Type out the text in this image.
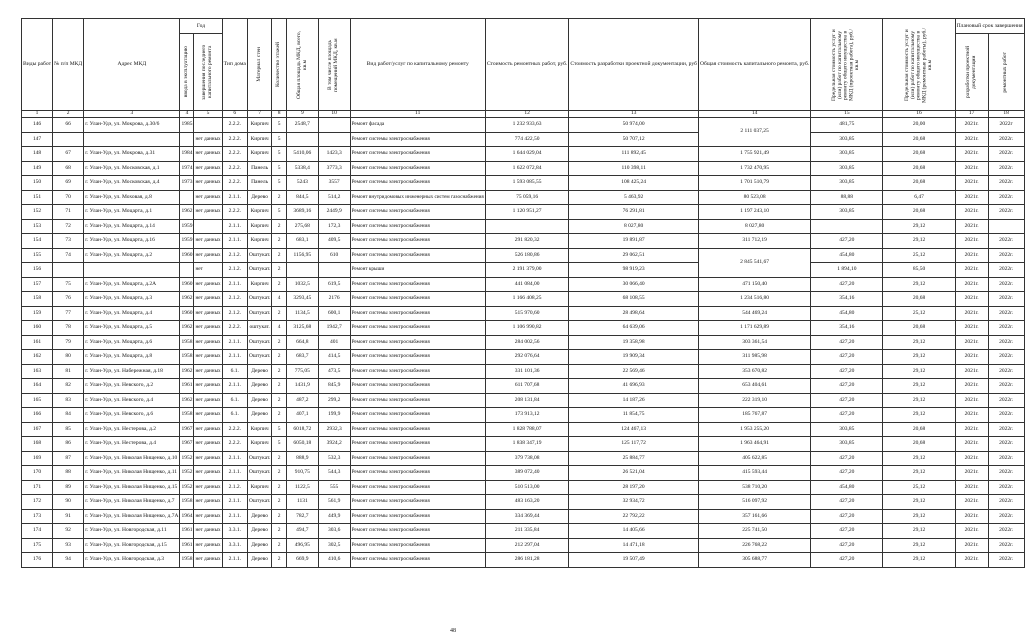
Виды работ	№ п/п МКД	Адрес МКД	Год		Тип дома	Материал стен	Количество этажей	Общая площадь МКД, всего, кв.м	В том числе площадь помещений МКД, кв.м	Вид работ/услуг по капитальному ремонту	Стоимость ремонтных работ, руб.	Стоимость разработки проектной документации, руб	Общая стоимость капитального ремонта, руб.	Предельная стоимость услуг и (или) работ по капитальному ремонту общего имущества в МКД (проектная работа), руб./кв.м	Предельная стоимость услуг и (или) работ по капитальному ремонту общего имущества в МКД (ремонтные работы), руб./кв.м	Плановый срок завершения	

			ввода в эксплуатацию	завершения последнего капитального ремонта												разработки проектной документации	ремонтных работ

1	2	3	4	5	6	7	8	9	10	11	12	13	14	15	16	17	18
146	66	г. Улан-Удэ, ул. Мокрова, д.30/6	1985		2.2.2.	Кирпич	5	2548,7		Ремонт фасада	1 232 933,63	50 974,00	2 111 037,25	481,75	20,00	2021г.	2022г
147				нет данных	2.2.2.	Кирпич	5			Ремонт системы электроснабжения	774 422,50	50 707,12		303,85	20,68	2021г.	2022г.
148	67	г. Улан-Удэ, ул. Мокрова, д.31	1984	нет данных	2.2.2.	Кирпич	5	5410,06	1423,3	Ремонт системы электроснабжения	1 644 029,04	111 892,45	1 755 921,49	303,85	20,68	2021г.	2022г.
149	68	г. Улан-Удэ, ул. Московская, д.1	1974	нет данных	2.2.2.	Панель	5	5338,4	3773,3	Ремонт системы электроснабжения	1 622 072,84	110 398,11	1 732 470,95	303,85	20,68	2021г.	2022г.
150	69	г. Улан-Удэ, ул. Московская, д.4	1973	нет данных	2.2.2.	Панель	5	5243	3557	Ремонт системы электроснабжения	1 593 085,55	108 425,24	1 701 510,79	303,85	20,68	2021г.	2022г.
151	70	г. Улан-Удэ, ул. Моховая, д.8		нет данных	2.1.1.	Дерево	2	844,5	514,2	Ремонт внутридомовых инженерных систем газоснабжения	75 059,16	5 463,92	80 523,08	88,88	6,47	2021г.	2022г.
152	71	г. Улан-Удэ, ул. Моцарта, д.1	1962	нет данных	2.2.2.	Кирпич	5	3689,16	2449,9	Ремонт системы электроснабжения	1 120 951,27	76 291,81	1 197 243,10	303,85	20,68	2021г.	2022г.
153	72	г. Улан-Удэ, ул. Моцарта, д.14	1959		2.1.1.	Кирпич	2	275,68	172,3	Ремонт системы электроснабжения		8 027,80	8 027,80		29,12	2021г.	
154	73	г. Улан-Удэ, ул. Моцарта, д.16	1959	нет данных	2.1.1.	Кирпич	2	683,1	409,5	Ремонт системы электроснабжения	291 820,32	19 891,87	311 712,19	427,20	29,12	2021г.	2022г.
155	74	г. Улан-Удэ, ул. Моцарта, д.2	1960	нет данных	2.1.2.	Оштукат.	2	1156,95	610	Ремонт системы электроснабжения	526 180,86	29 062,51	2 845 541,67	454,80	25,12	2021г.	2022г.
156				нет	2.1.2.	Оштукат.	2			Ремонт крыши	2 191 379,00	98 919,23		1 894,10	85,50	2021г.	2022г.
157	75	г. Улан-Удэ, ул. Моцарта, д.2А	1960	нет данных	2.1.1.	Кирпич	2	1032,5	619,5	Ремонт системы электроснабжения	441 084,00	30 066,40	471 150,40	427,20	29,12	2021г.	2022г.
158	76	г. Улан-Удэ, ул. Моцарта, д.3	1962	нет данных	2.1.2.	Оштукат.	4	3293,45	2176	Ремонт системы электроснабжения	1 166 408,25	68 108,55	1 234 516,80	354,16	20,68	2021г.	2022г.
159	77	г. Улан-Удэ, ул. Моцарта, д.4	1960	нет данных	2.1.2.	Оштукат.	2	1134,5	600,1	Ремонт системы электроснабжения	515 970,60	28 498,64	544 469,24	454,80	25,12	2021г.	2022г.
160	78	г. Улан-Удэ, ул. Моцарта, д.5	1962	нет данных	2.2.2.	оштукат.	4	3125,68	1942,7	Ремонт системы электроснабжения	1 106 990,82	64 639,06	1 171 629,89	354,16	20,68	2021г.	2022г.
161	79	г. Улан-Удэ, ул. Моцарта, д.6	1958	нет данных	2.1.1.	Оштукат.	2	664,8	401	Ремонт системы электроснабжения	284 002,56	19 358,98	303 361,54	427,20	29,12	2021г.	2022г.
162	80	г. Улан-Удэ, ул. Моцарта, д.8	1958	нет данных	2.1.1.	Оштукат.	2	683,7	414,5	Ремонт системы электроснабжения	292 076,64	19 909,34	311 985,98	427,20	29,12	2021г.	2022г.
163	81	г. Улан-Удэ, ул. Набережная, д.18	1962	нет данных	6.1.	Дерево	2	775,05	473,5	Ремонт системы электроснабжения	331 101,36	22 569,46	353 670,82	427,20	29,12	2021г.	2022г.
164	82	г. Улан-Удэ, ул. Невского, д.2	1961	нет данных	2.1.1.	Дерево	2	1431,9	845,9	Ремонт системы электроснабжения	611 707,68	41 696,93	653 404,61	427,20	29,12	2021г.	2022г.
165	83	г. Улан-Удэ, ул. Невского, д.4	1962	нет данных	6.1.	Дерево	2	487,2	299,2	Ремонт системы электроснабжения	208 131,84	14 187,26	222 319,10	427,20	29,12	2021г.	2022г.
166	84	г. Улан-Удэ, ул. Невского, д.6	1958	нет данных	6.1.	Дерево	2	407,1	199,9	Ремонт системы электроснабжения	173 913,12	11 854,75	185 767,87	427,20	29,12	2021г.	2022г.
167	85	г. Улан-Удэ, ул. Нестерова, д.2	1967	нет данных	2.2.2.	Кирпич	5	6018,72	2932,3	Ремонт системы электроснабжения	1 828 788,07	124 467,13	1 953 255,20	303,85	20,68	2021г.	2022г.
168	86	г. Улан-Удэ, ул. Нестерова, д.4	1967	нет данных	2.2.2.	Кирпич	5	6050,18	3924,2	Ремонт системы электроснабжения	1 838 347,19	125 117,72	1 963 464,91	303,85	20,68	2021г.	2022г.
169	87	г. Улан-Удэ, ул. Николая Нищенко, д.10	1952	нет данных	2.1.1.	Оштукат.	2	888,9	532,3	Ремонт системы электроснабжения	379 738,08	25 884,77	405 622,85	427,20	29,12	2021г.	2022г.
170	88	г. Улан-Удэ, ул. Николая Нищенко, д.11	1952	нет данных	2.1.1.	Оштукат.	2	910,75	544,3	Ремонт системы электроснабжения	389 072,40	26 521,04	415 593,44	427,20	29,12	2021г.	2022г.
171	89	г. Улан-Удэ, ул. Николая Нищенко, д.15	1952	нет данных	2.1.2.	Кирпич	2	1122,5	555	Ремонт системы электроснабжения	510 513,00	28 197,20	538 710,20	454,80	25,12	2021г.	2022г.
172	90	г. Улан-Удэ, ул. Николая Нищенко, д.7	1958	нет данных	2.1.1.	Оштукат.	2	1131	561,9	Ремонт системы электроснабжения	483 163,20	32 934,72	516 097,92	427,20	29,12	2021г.	2022г.
173	91	г. Улан-Удэ, ул. Николая Нищенко, д.7А	1964	нет данных	2.1.1.	Дерево	2	782,7	449,9	Ремонт системы электроснабжения	334 369,44	22 792,22	357 161,66	427,20	29,12	2021г.	2022г.
174	92	г. Улан-Удэ, ул. Новгородская, д.11	1961	нет данных	3.3.1.	Дерево	2	494,7	303,6	Ремонт системы электроснабжения	211 335,84	14 405,66	225 741,50	427,20	29,12	2021г.	2022г.
175	93	г. Улан-Удэ, ул. Новгородская, д.15	1961	нет данных	3.3.1.	Дерево	2	496,95	302,5	Ремонт системы электроснабжения	212 297,04	14 471,18	226 768,22	427,20	29,12	2021г.	2022г.
176	94	г. Улан-Удэ, ул. Новгородская, д.3	1958	нет данных	2.1.1.	Дерево	2	669,9	410,6	Ремонт системы электроснабжения	286 181,28	19 507,49	305 688,77	427,20	29,12	2021г.	2022г.
48
